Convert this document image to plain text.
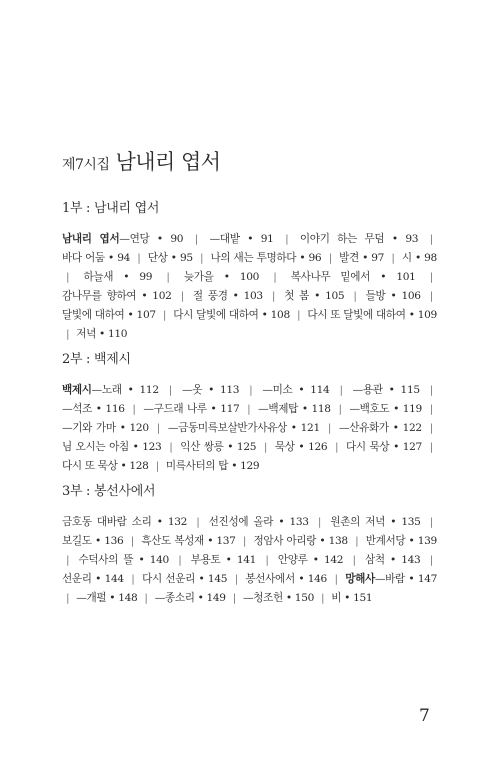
제7시집 남내리 엽서
1부 : 남내리 엽서
남내리 엽서—연당 • 90 | —대밭 • 91 | 이야기 하는 무덤 • 93 | 바다 어둠 • 94 | 단상 • 95 | 나의 새는 투명하다 • 96 | 발견 • 97 | 시 • 98 | 하늘새 • 99 | 늦가을 • 100 | 복사나무 밑에서 • 101 | 감나무를 향하여 • 102 | 절 풍경 • 103 | 첫 봄 • 105 | 들방 • 106 | 달빛에 대하여 • 107 | 다시 달빛에 대하여 • 108 | 다시 또 달빛에 대하여 • 109 | 저녁 • 110
2부 : 백제시
백제시—노래 • 112 | —옷 • 113 | —미소 • 114 | —용관 • 115 | —석조 • 116 | —구드래 나루 • 117 | —백제탑 • 118 | —백호도 • 119 | —기와 가마 • 120 | —금동미륵보살반가사유상 • 121 | —산유화가 • 122 | 님 오시는 아침 • 123 | 익산 쌍릉 • 125 | 묵상 • 126 | 다시 묵상 • 127 | 다시 또 묵상 • 128 | 미륵사터의 탑 • 129
3부 : 봉선사에서
금호동 대바람 소리 • 132 | 선진성에 올라 • 133 | 원촌의 저녁 • 135 | 보길도 • 136 | 흑산도 복성재 • 137 | 정암사 아리랑 • 138 | 반계서당 • 139 | 수덕사의 뜰 • 140 | 부용토 • 141 | 안양루 • 142 | 삼척 • 143 | 선운리 • 144 | 다시 선운리 • 145 | 봉선사에서 • 146 | 망해사—바람 • 147 | —개펄 • 148 | —종소리 • 149 | —청조헌 • 150 | 비 • 151
7
